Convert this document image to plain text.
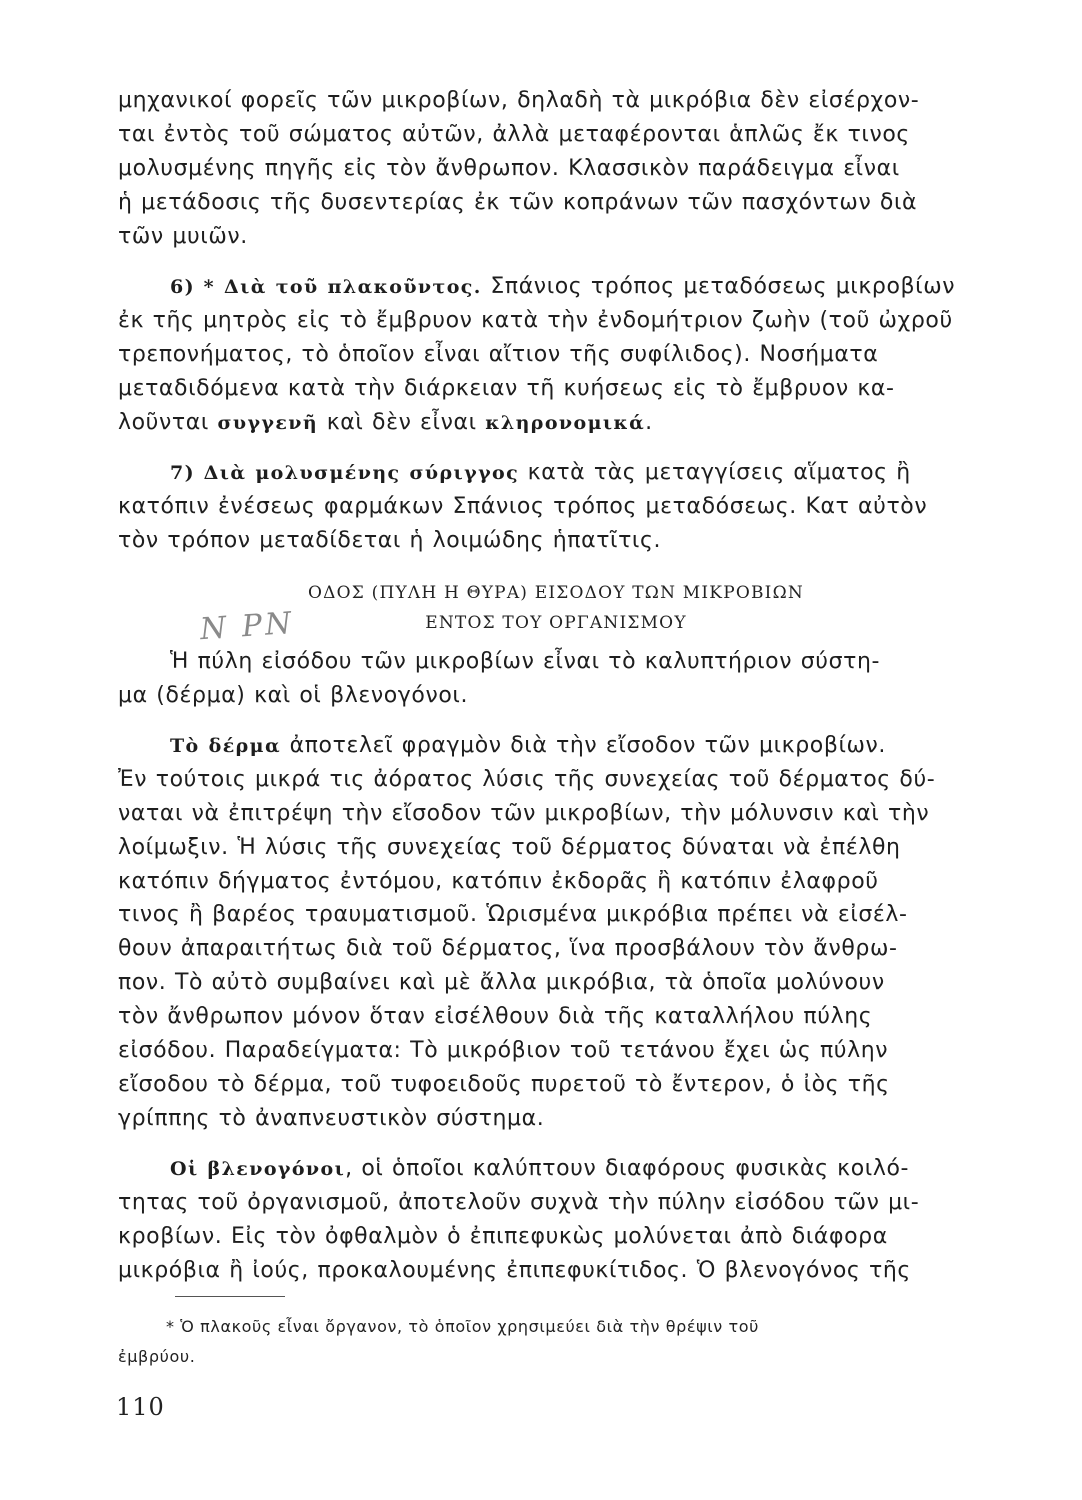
μηχανικοί φορεῖς τῶν μικροβίων, δηλαδὴ τὰ μικρόβια δὲν εἰσέρχον-
ται ἐντὸς τοῦ σώματος αὐτῶν, ἀλλὰ μεταφέρονται ἁπλῶς ἔκ τινος
μολυσμένης πηγῆς εἰς τὸν ἄνθρωπον. Κλασσικὸν παράδειγμα εἶναι
ἡ μετάδοσις τῆς δυσεντερίας ἐκ τῶν κοπράνων τῶν πασχόντων διὰ
τῶν μυιῶν.
6) * Διὰ τοῦ πλακοῦντος. Σπάνιος τρόπος μεταδόσεως μικροβίων
ἐκ τῆς μητρὸς εἰς τὸ ἔμβρυον κατὰ τὴν ἐνδομήτριον ζωὴν (τοῦ ὠχροῦ
τρεπονήματος, τὸ ὁποῖον εἶναι αἴτιον τῆς συφίλιδος). Νοσήματα
μεταδιδόμενα κατὰ τὴν διάρκειαν τῆ κυήσεως εἰς τὸ ἔμβρυον κα-
λοῦνται συγγενῆ καὶ δὲν εἶναι κληρονομικά.
7) Διὰ μολυσμένης σύριγγος κατὰ τὰς μεταγγίσεις αἵματος ἢ
κατόπιν ἐνέσεως φαρμάκων Σπάνιος τρόπος μεταδόσεως. Κατ αὐτὸν
τὸν τρόπον μεταδίδεται ἡ λοιμώδης ἡπατῖτις.
ΟΔΟΣ (ΠΥΛΗ Η ΘΥΡΑ) ΕΙΣΟΔΟΥ ΤΩΝ ΜΙΚΡΟΒΙΩΝ
ΕΝΤΟΣ ΤΟΥ ΟΡΓΑΝΙΣΜΟΥ
N PN
Ἡ πύλη εἰσόδου τῶν μικροβίων εἶναι τὸ καλυπτήριον σύστη-
μα (δέρμα) καὶ οἱ βλενογόνοι.
Τὸ δέρμα ἀποτελεῖ φραγμὸν διὰ τὴν εἴσοδον τῶν μικροβίων.
Ἐν τούτοις μικρά τις ἀόρατος λύσις τῆς συνεχείας τοῦ δέρματος δύ-
ναται νὰ ἐπιτρέψη τὴν εἴσοδον τῶν μικροβίων, τὴν μόλυνσιν καὶ τὴν
λοίμωξιν. Ἡ λύσις τῆς συνεχείας τοῦ δέρματος δύναται νὰ ἐπέλθη
κατόπιν δήγματος ἐντόμου, κατόπιν ἐκδορᾶς ἢ κατόπιν ἐλαφροῦ
τινος ἢ βαρέος τραυματισμοῦ. Ὡρισμένα μικρόβια πρέπει νὰ εἰσέλ-
θουν ἀπαραιτήτως διὰ τοῦ δέρματος, ἵνα προσβάλουν τὸν ἄνθρω-
πον. Τὸ αὐτὸ συμβαίνει καὶ μὲ ἄλλα μικρόβια, τὰ ὁποῖα μολύνουν
τὸν ἄνθρωπον μόνον ὅταν εἰσέλθουν διὰ τῆς καταλλήλου πύλης
εἰσόδου. Παραδείγματα: Τὸ μικρόβιον τοῦ τετάνου ἔχει ὡς πύλην
εἴσοδου τὸ δέρμα, τοῦ τυφοειδοῦς πυρετοῦ τὸ ἔντερον, ὁ ἰὸς τῆς
γρίππης τὸ ἀναπνευστικὸν σύστημα.
Οἱ βλενογόνοι, οἱ ὁποῖοι καλύπτουν διαφόρους φυσικὰς κοιλό-
τητας τοῦ ὀργανισμοῦ, ἀποτελοῦν συχνὰ τὴν πύλην εἰσόδου τῶν μι-
κροβίων. Εἰς τὸν ὀφθαλμὸν ὁ ἐπιπεφυκὼς μολύνεται ἀπὸ διάφορα
μικρόβια ἢ ἰούς, προκαλουμένης ἐπιπεφυκίτιδος. Ὁ βλενογόνος τῆς
* Ὁ πλακοῦς εἶναι ὄργανον, τὸ ὁποῖον χρησιμεύει διὰ τὴν θρέψιν τοῦ
ἐμβρύου.
110
